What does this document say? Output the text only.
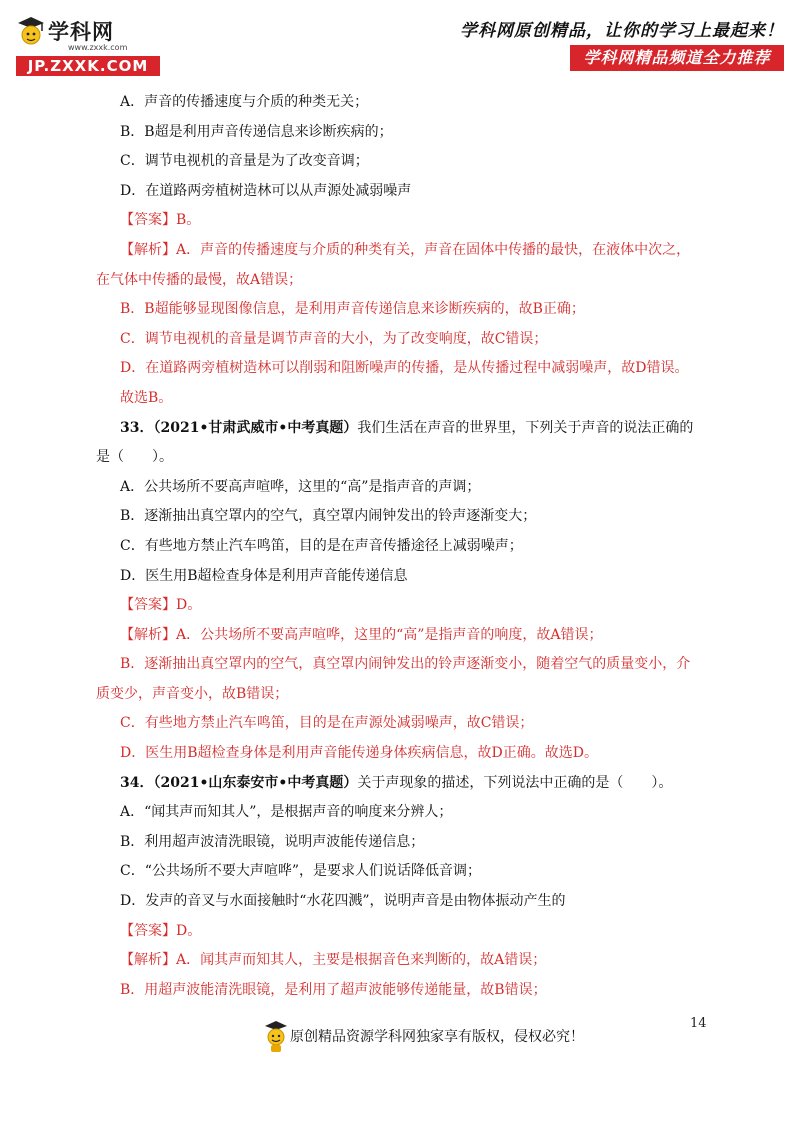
学科网
www.zxxk.com
JP.ZXXK.COM
学科网原创精品，让你的学习上最起来！
学科网精品频道全力推荐
A．声音的传播速度与介质的种类无关；
B．B超是利用声音传递信息来诊断疾病的；
C．调节电视机的音量是为了改变音调；
D．在道路两旁植树造林可以从声源处减弱噪声
【答案】B。
【解析】A．声音的传播速度与介质的种类有关，声音在固体中传播的最快，在液体中次之，
在气体中传播的最慢，故A错误；
B．B超能够显现图像信息，是利用声音传递信息来诊断疾病的，故B正确；
C．调节电视机的音量是调节声音的大小，为了改变响度，故C错误；
D．在道路两旁植树造林可以削弱和阻断噪声的传播，是从传播过程中减弱噪声，故D错误。
故选B。
33．（2021•甘肃武威市•中考真题）我们生活在声音的世界里，下列关于声音的说法正确的
是（　　）。
A．公共场所不要高声喧哗，这里的“高”是指声音的声调；
B．逐渐抽出真空罩内的空气，真空罩内闹钟发出的铃声逐渐变大；
C．有些地方禁止汽车鸣笛，目的是在声音传播途径上减弱噪声；
D．医生用B超检查身体是利用声音能传递信息
【答案】D。
【解析】A．公共场所不要高声喧哗，这里的“高”是指声音的响度，故A错误；
B．逐渐抽出真空罩内的空气，真空罩内闹钟发出的铃声逐渐变小，随着空气的质量变小，介
质变少，声音变小，故B错误；
C．有些地方禁止汽车鸣笛，目的是在声源处减弱噪声，故C错误；
D．医生用B超检查身体是利用声音能传递身体疾病信息，故D正确。故选D。
34．（2021•山东泰安市•中考真题）关于声现象的描述，下列说法中正确的是（　　）。
A．“闻其声而知其人”，是根据声音的响度来分辨人；
B．利用超声波清洗眼镜，说明声波能传递信息；
C．“公共场所不要大声喧哗”，是要求人们说话降低音调；
D．发声的音叉与水面接触时“水花四溅”，说明声音是由物体振动产生的
【答案】D。
【解析】A．闻其声而知其人，主要是根据音色来判断的，故A错误；
B．用超声波能清洗眼镜，是利用了超声波能够传递能量，故B错误；
14
原创精品资源学科网独家享有版权，侵权必究！
